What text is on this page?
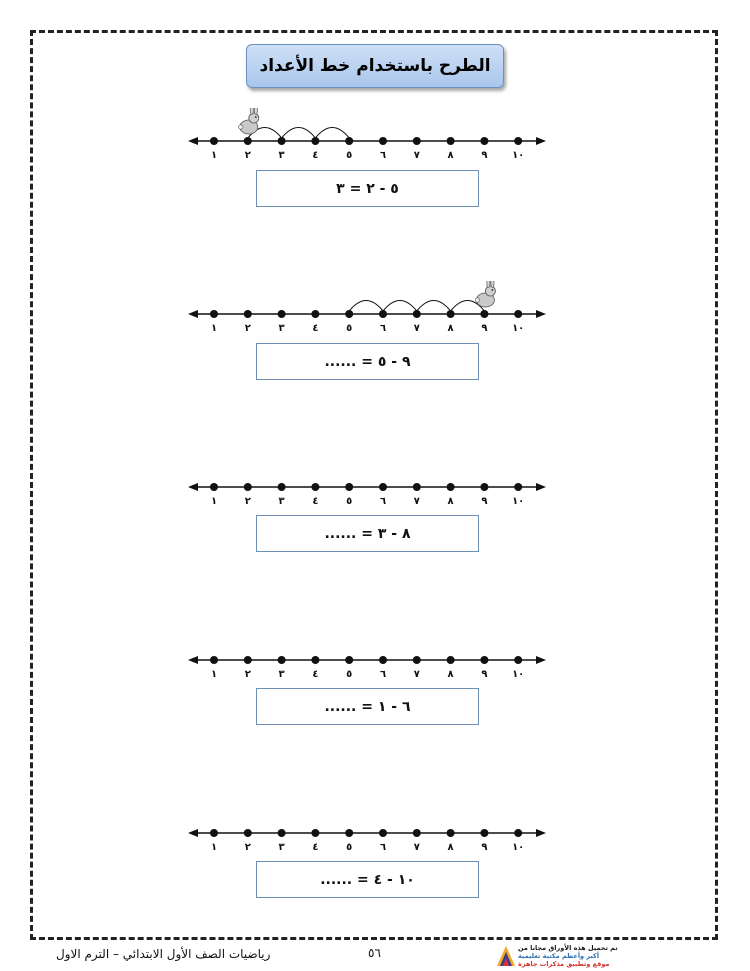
الطرح باستخدام خط الأعداد
١	٢	٣	٤	٥	٦	٧	٨	٩ ١٠
٥ - ٢ = ٣
١	٢	٣	٤	٥	٦	٧	٨	٩ ١٠
٩ - ٥ = ......
١	٢	٣	٤	٥	٦	٧	٨	٩ ١٠
٨ - ٣ = ......
١	٢	٣	٤	٥	٦	٧	٨	٩ ١٠
٦ - ١ = ......
١	٢	٣	٤	٥	٦	٧	٨	٩ ١٠
١٠ - ٤ = ......
رياضيات الصف الأول الابتدائي – الترم الاول	٥٦	تم تحميل هذه الأوراق مجانا من
أكبر وأعظم مكتبة تعليمية
موقع وتطبيق مذكرات جاهزة
